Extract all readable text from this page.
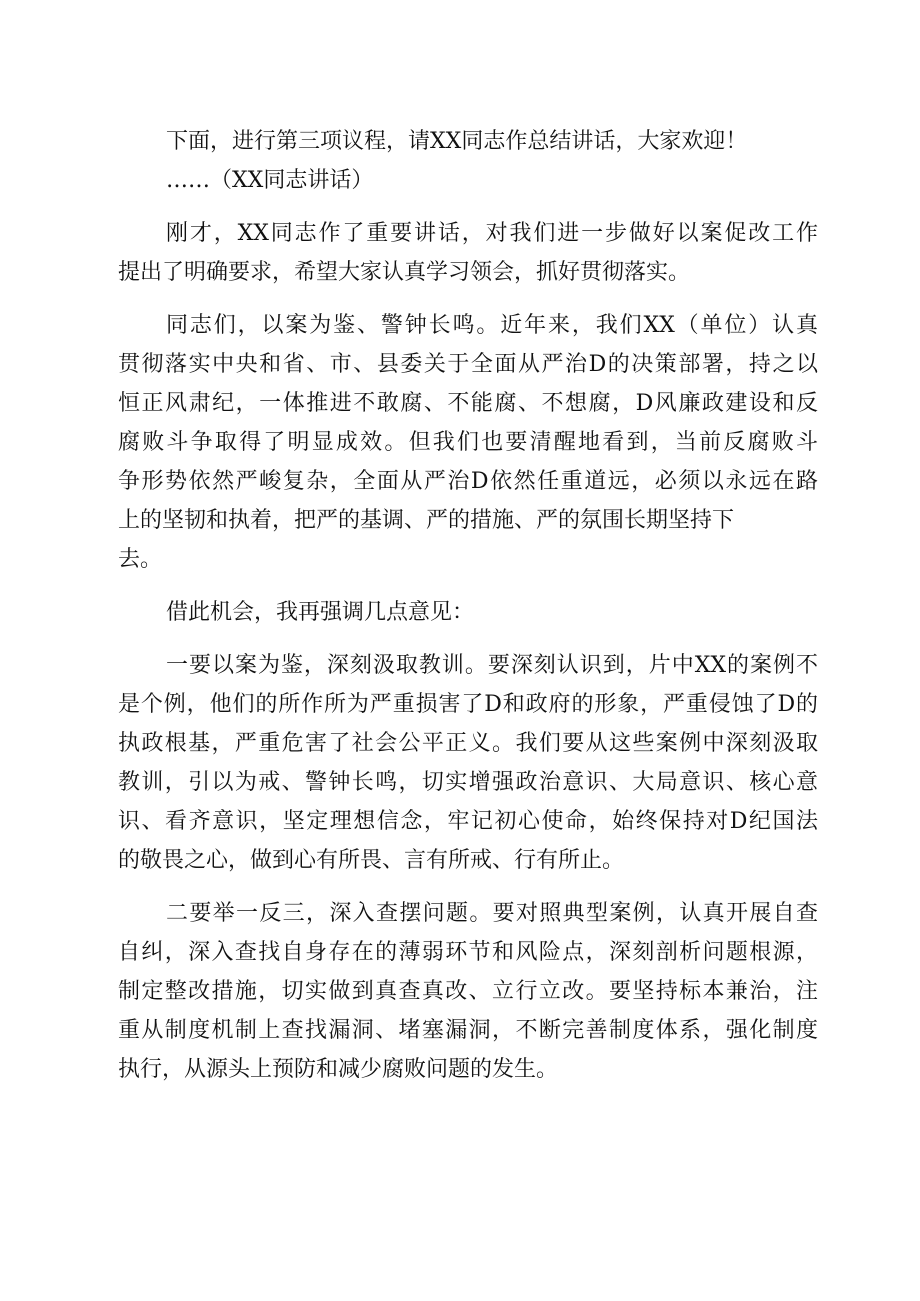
下面，进行第三项议程，请XX同志作总结讲话，大家欢迎！
……（XX同志讲话）
刚才，XX同志作了重要讲话，对我们进一步做好以案促改工作
提出了明确要求，希望大家认真学习领会，抓好贯彻落实。
同志们，以案为鉴、警钟长鸣。近年来，我们XX（单位）认真
贯彻落实中央和省、市、县委关于全面从严治D的决策部署，持之以
恒正风肃纪，一体推进不敢腐、不能腐、不想腐，D风廉政建设和反
腐败斗争取得了明显成效。但我们也要清醒地看到，当前反腐败斗
争形势依然严峻复杂，全面从严治D依然任重道远，必须以永远在路
上的坚韧和执着，把严的基调、严的措施、严的氛围长期坚持下
去。
借此机会，我再强调几点意见：
一要以案为鉴，深刻汲取教训。要深刻认识到，片中XX的案例不
是个例，他们的所作所为严重损害了D和政府的形象，严重侵蚀了D的
执政根基，严重危害了社会公平正义。我们要从这些案例中深刻汲取
教训，引以为戒、警钟长鸣，切实增强政治意识、大局意识、核心意
识、看齐意识，坚定理想信念，牢记初心使命，始终保持对D纪国法
的敬畏之心，做到心有所畏、言有所戒、行有所止。
二要举一反三，深入查摆问题。要对照典型案例，认真开展自查
自纠，深入查找自身存在的薄弱环节和风险点，深刻剖析问题根源，
制定整改措施，切实做到真查真改、立行立改。要坚持标本兼治，注
重从制度机制上查找漏洞、堵塞漏洞，不断完善制度体系，强化制度
执行，从源头上预防和减少腐败问题的发生。
